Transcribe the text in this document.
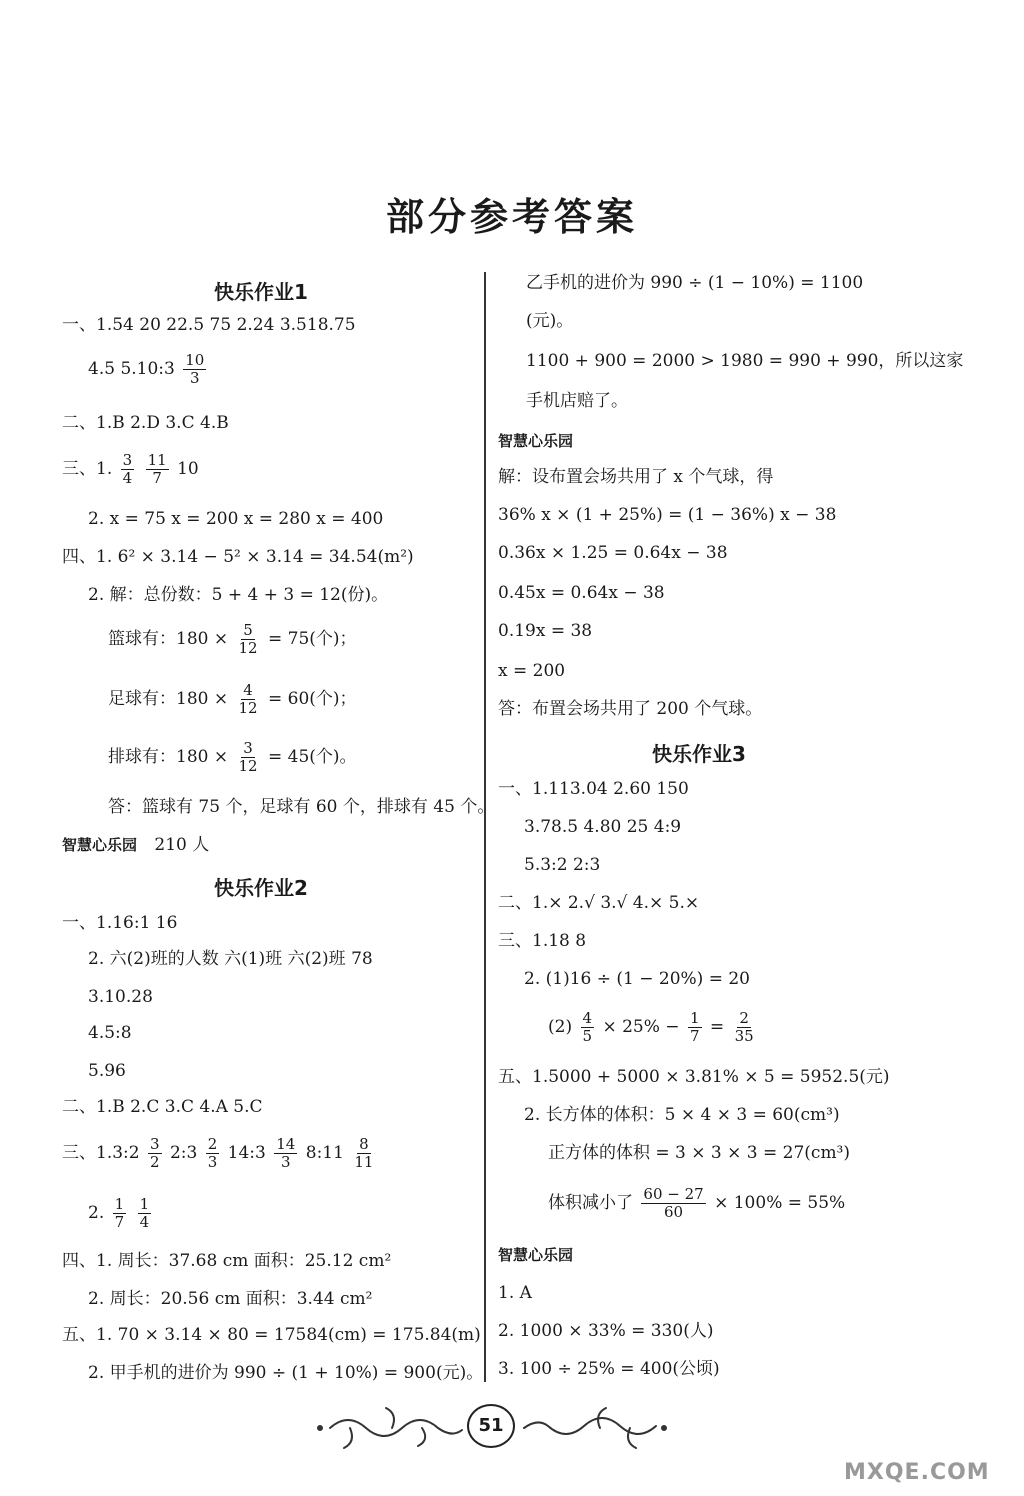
部分参考答案
快乐作业1
一、1.54 20 22.5 75 2.24 3.518.75
4.5 5.10:3 $\frac{10}{3}$
二、1.B 2.D 3.C 4.B
三、1. $\frac{3}{4}$
$\frac{11}{7} 10$
2. x = 75 x = 200 x = 280 x = 400
四、1. 6² × 3.14 − 5² × 3.14 = 34.54(m²)
2. 解：总份数：5 + 4 + 3 = 12(份)。
篮球有：$180 \times \frac{5}{12} = 75$(个)；
足球有：$180 \times \frac{4}{12} = 60$(个)；
排球有：$180 \times \frac{3}{12} = 45$(个)。
答：篮球有 75 个，足球有 60 个，排球有 45 个。
智慧心乐园 210 人
快乐作业2
一、1.16:1 16
2. 六(2)班的人数 六(1)班 六(2)班 78
3.10.28
4.5:8
5.96
二、1.B 2.C 3.C 4.A 5.C
三、1.3:2 $\frac{3}{2}$ 2:3 $\frac{2}{3}$ 14:3 $\frac{14}{3}$ 8:11 $\frac{8}{11}$
2. $\frac{1}{7}$
$\frac{1}{4}$
四、1. 周长：37.68 cm 面积：25.12 cm²
2. 周长：20.56 cm 面积：3.44 cm²
五、1. 70 × 3.14 × 80 = 17584(cm) = 175.84(m)
2. 甲手机的进价为 990 ÷ (1 + 10%) = 900(元)。
乙手机的进价为 990 ÷ (1 − 10%) = 1100
(元)。
1100 + 900 = 2000 > 1980 = 990 + 990，所以这家
手机店赔了。
智慧心乐园
解：设布置会场共用了 x 个气球，得
36% x × (1 + 25%) = (1 − 36%) x − 38
0.36x × 1.25 = 0.64x − 38
0.45x = 0.64x − 38
0.19x = 38
x = 200
答：布置会场共用了 200 个气球。
快乐作业3
一、1.113.04 2.60 150
3.78.5 4.80 25 4:9
5.3:2 2:3
二、1.× 2.√ 3.√ 4.× 5.×
三、1.18 8
2. (1)16 ÷ (1 − 20%) = 20
$(2) \frac{4}{5} \times 25\% - \frac{1}{7} = \frac{2}{35}$
五、1.5000 + 5000 × 3.81% × 5 = 5952.5(元)
2. 长方体的体积：5 × 4 × 3 = 60(cm³)
正方体的体积 = 3 × 3 × 3 = 27(cm³)
体积减小了 $\frac{60 - 27}{60} \times 100\% = 55\%$
智慧心乐园
1. A
2. 1000 × 33% = 330(人)
3. 100 ÷ 25% = 400(公顷)
51
MXQE.COM
